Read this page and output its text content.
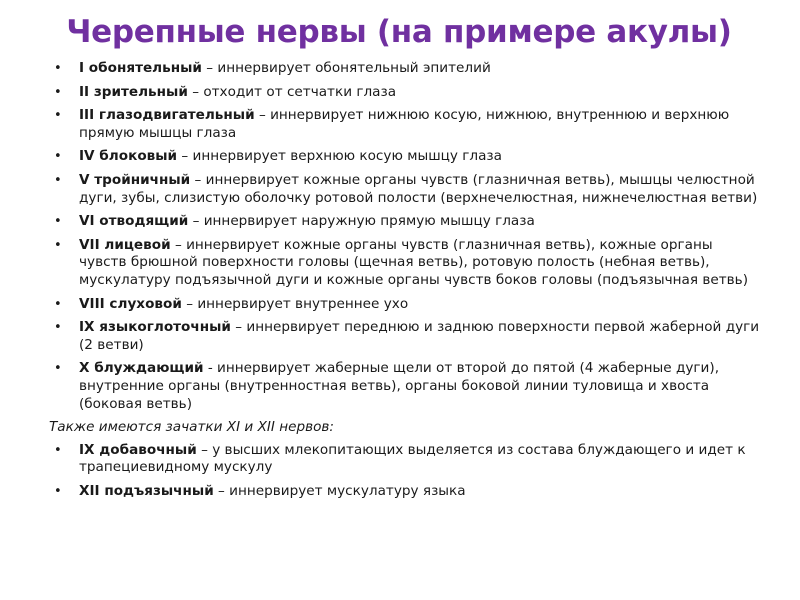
Черепные нервы (на примере акулы)
• I обонятельный – иннервирует обонятельный эпителий
• II зрительный – отходит от сетчатки глаза
• III глазодвигательный – иннервирует нижнюю косую, нижнюю, внутреннюю и верхнюю прямую мышцы глаза
• IV блоковый – иннервирует верхнюю косую мышцу глаза
• V тройничный – иннервирует кожные органы чувств (глазничная ветвь), мышцы челюстной дуги, зубы, слизистую оболочку ротовой полости (верхнечелюстная, нижнечелюстная ветви)
• VI отводящий – иннервирует наружную прямую мышцу глаза
• VII лицевой – иннервирует кожные органы чувств (глазничная ветвь), кожные органы чувств брюшной поверхности головы (щечная ветвь), ротовую полость (небная ветвь), мускулатуру подъязычной дуги и кожные органы чувств боков головы (подъязычная ветвь)
• VIII слуховой – иннервирует внутреннее ухо
• IX языкоглоточный – иннервирует переднюю и заднюю поверхности первой жаберной дуги (2 ветви)
• X блуждающий - иннервирует жаберные щели от второй до пятой (4 жаберные дуги), внутренние органы (внутренностная ветвь), органы боковой линии туловища и хвоста (боковая ветвь)

Также имеются зачатки XI и XII нервов:

• IX добавочный – у высших млекопитающих выделяется из состава блуждающего и идет к трапециевидному мускулу
• XII подъязычный – иннервирует мускулатуру языка
